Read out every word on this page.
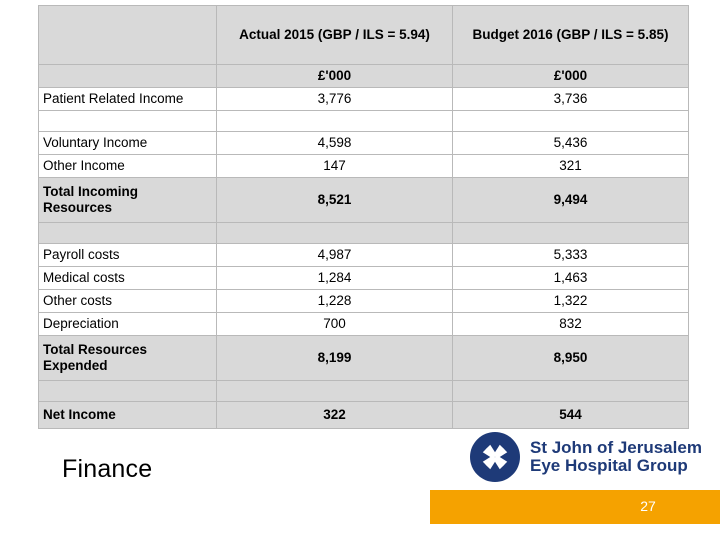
	Actual 2015 (GBP / ILS = 5.94)	Budget 2016 (GBP / ILS = 5.85)
	£'000	£'000
Patient Related Income	3,776	3,736

Voluntary Income	4,598	5,436
Other Income	147	321
Total Incoming
Resources	8,521	9,494

Payroll costs	4,987	5,333
Medical costs	1,284	1,463
Other costs	1,228	1,322
Depreciation	700	832
Total Resources
Expended	8,199	8,950

Net Income	322	544
Finance
St John of Jerusalem
Eye Hospital Group
27
